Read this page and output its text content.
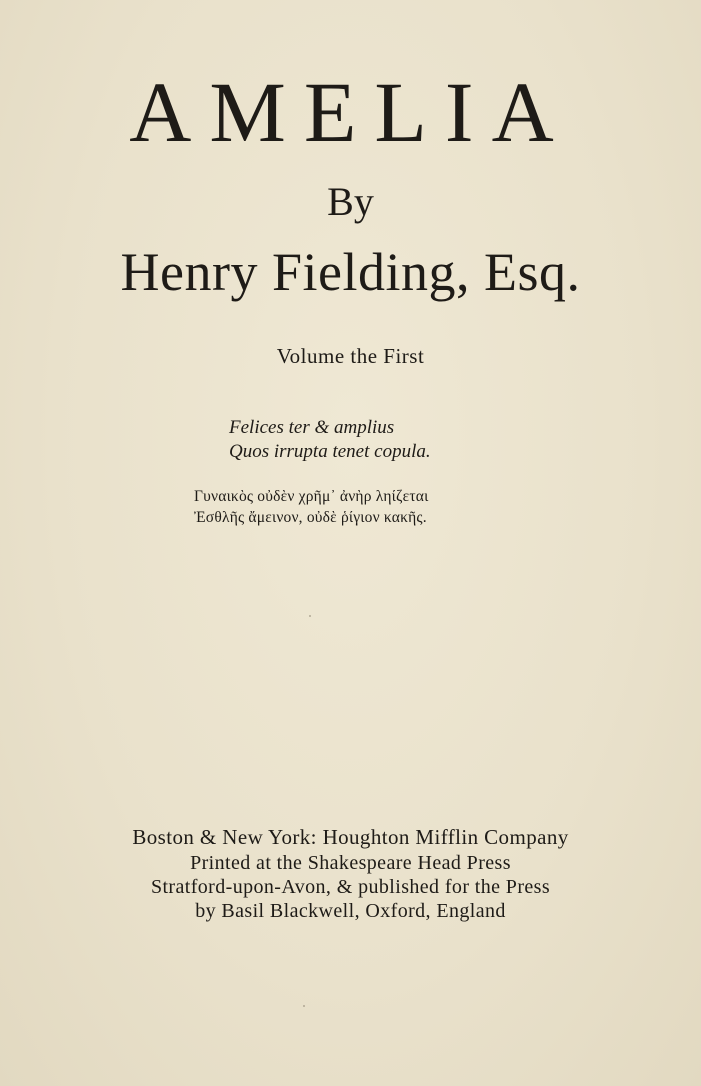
AMELIA
By
Henry Fielding, Esq.
Volume the First
Felices ter & amplius
Quos irrupta tenet copula.
Γυναικὸς οὐδὲν χρῆμ᾽ ἀνὴρ ληίζεται
Ἐσθλῆς ἄμεινον, οὐδὲ ῥίγιον κακῆς.
Boston & New York: Houghton Mifflin Company
Printed at the Shakespeare Head Press
Stratford-upon-Avon, & published for the Press
by Basil Blackwell, Oxford, England
